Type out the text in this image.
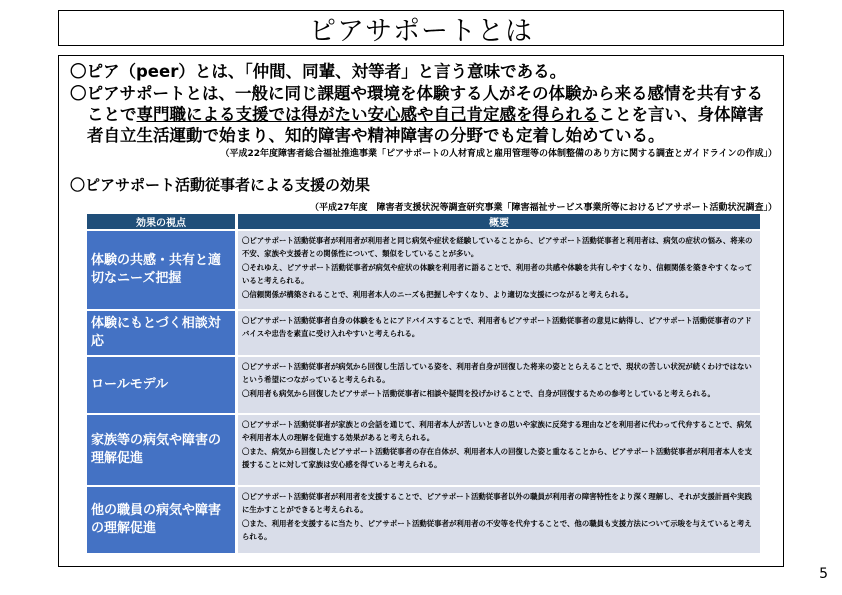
ピアサポートとは
〇ピア（peer）とは、「仲間、同輩、対等者」と言う意味である。
〇ピアサポートとは、一般に同じ課題や環境を体験する人がその体験から来る感情を共有する
ことで専門職による支援では得がたい安心感や自己肯定感を得られることを言い、身体障害
者自立生活運動で始まり、知的障害や精神障害の分野でも定着し始めている。
（平成22年度障害者総合福祉推進事業「ピアサポートの人材育成と雇用管理等の体制整備のあり方に関する調査とガイドラインの作成」）
〇ピアサポート活動従事者による支援の効果
（平成27年度　障害者支援状況等調査研究事業「障害福祉サービス事業所等におけるピアサポート活動状況調査」）
効果の視点	概要
体験の共感・共有と適切なニーズ把握	〇ピアサポート活動従事者が利用者が利用者と同じ病気や症状を経験していることから、ピアサポート活動従事者と利用者は、病気の症状の悩み、将来の不安、家族や支援者との関係性について、類似をしていることが多い。
〇それゆえ、ピアサポート活動従事者が病気や症状の体験を利用者に語ることで、利用者の共感や体験を共有しやすくなり、信頼関係を築きやすくなっていると考えられる。
〇信頼関係が構築されることで、利用者本人のニーズも把握しやすくなり、より適切な支援につながると考えられる。

体験にもとづく相談対応	〇ピアサポート活動従事者自身の体験をもとにアドバイスすることで、利用者もピアサポート活動従事者の意見に納得し、ピアサポート活動従事者のアドバイスや忠告を素直に受け入れやすいと考えられる。

ロールモデル	〇ピアサポート活動従事者が病気から回復し生活している姿を、利用者自身が回復した将来の姿ととらえることで、現状の苦しい状況が続くわけではないという希望につながっていると考えられる。
〇利用者も病気から回復したピアサポート活動従事者に相談や疑問を投げかけることで、自身が回復するための参考としていると考えられる。

家族等の病気や障害の理解促進	〇ピアサポート活動従事者が家族との会話を通じて、利用者本人が苦しいときの思いや家族に反発する理由などを利用者に代わって代弁することで、病気や利用者本人の理解を促進する効果があると考えられる。
〇また、病気から回復したピアサポート活動従事者の存在自体が、利用者本人の回復した姿と重なることから、ピアサポート活動従事者が利用者本人を支援することに対して家族は安心感を得ていると考えられる。

他の職員の病気や障害の理解促進	〇ピアサポート活動従事者が利用者を支援することで、ピアサポート活動従事者以外の職員が利用者の障害特性をより深く理解し、それが支援計画や実践に生かすことができると考えられる。
〇また、利用者を支援するに当たり、ピアサポート活動従事者が利用者の不安等を代弁することで、他の職員も支援方法について示唆を与えていると考えられる。
5
